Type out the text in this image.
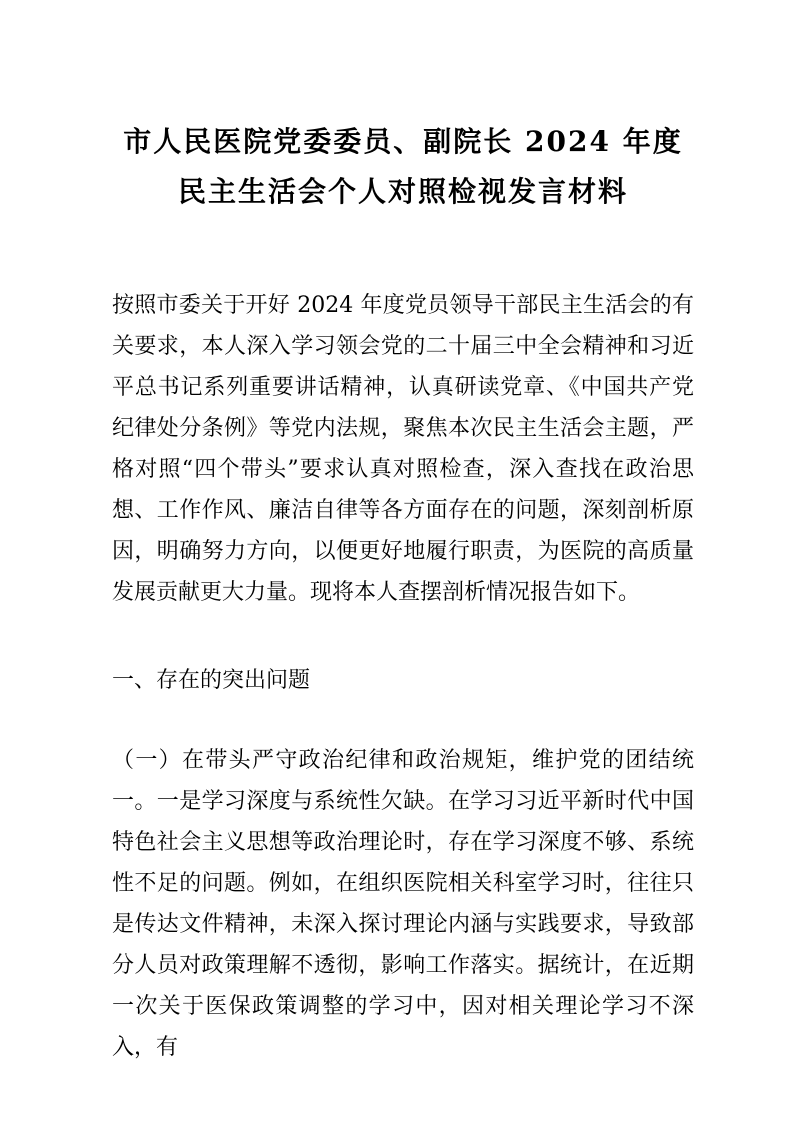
市人民医院党委委员、副院长 2024 年度民主生活会个人对照检视发言材料

按照市委关于开好 2024 年度党员领导干部民主生活会的有关要求，本人深入学习领会党的二十届三中全会精神和习近平总书记系列重要讲话精神，认真研读党章、《中国共产党纪律处分条例》等党内法规，聚焦本次民主生活会主题，严格对照“四个带头”要求认真对照检查，深入查找在政治思想、工作作风、廉洁自律等各方面存在的问题，深刻剖析原因，明确努力方向，以便更好地履行职责，为医院的高质量发展贡献更大力量。现将本人查摆剖析情况报告如下。

一、存在的突出问题

（一）在带头严守政治纪律和政治规矩，维护党的团结统一。一是学习深度与系统性欠缺。在学习习近平新时代中国特色社会主义思想等政治理论时，存在学习深度不够、系统性不足的问题。例如，在组织医院相关科室学习时，往往只是传达文件精神，未深入探讨理论内涵与实践要求，导致部分人员对政策理解不透彻，影响工作落实。据统计，在近期一次关于医保政策调整的学习中，因对相关理论学习不深入，有
